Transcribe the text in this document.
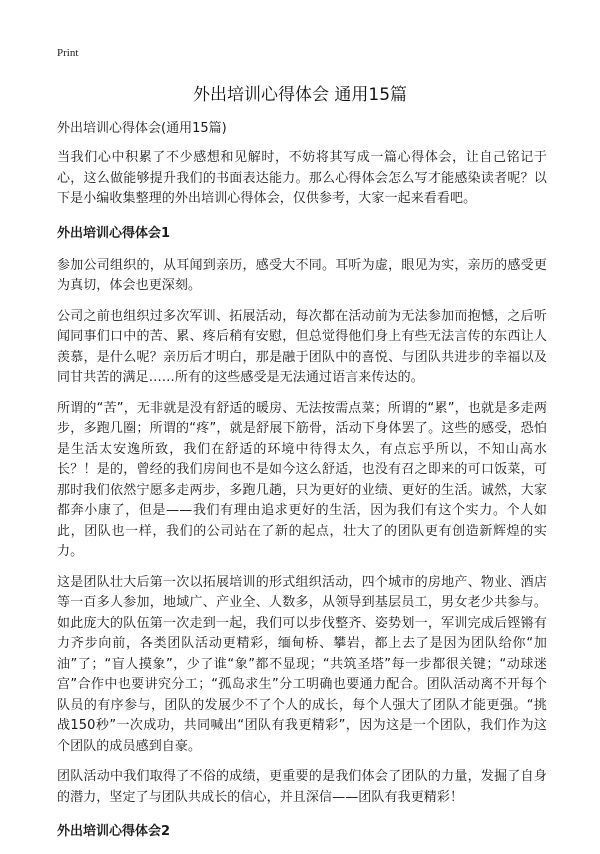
Print
外出培训心得体会 通用15篇
外出培训心得体会(通用15篇)

当我们心中积累了不少感想和见解时，不妨将其写成一篇心得体会，让自己铭记于心，这么做能够提升我们的书面表达能力。那么心得体会怎么写才能感染读者呢？以下是小编收集整理的外出培训心得体会，仅供参考，大家一起来看看吧。

外出培训心得体会1

参加公司组织的，从耳闻到亲历，感受大不同。耳听为虚，眼见为实，亲历的感受更为真切，体会也更深刻。

公司之前也组织过多次军训、拓展活动，每次都在活动前为无法参加而抱憾，之后听闻同事们口中的苦、累、疼后稍有安慰，但总觉得他们身上有些无法言传的东西让人羡慕，是什么呢？亲历后才明白，那是融于团队中的喜悦、与团队共进步的幸福以及同甘共苦的满足……所有的这些感受是无法通过语言来传达的。

所谓的“苦”，无非就是没有舒适的暖房、无法按需点菜；所谓的“累”，也就是多走两步，多跑几圈；所谓的“疼”，就是舒展下筋骨，活动下身体罢了。这些的感受，恐怕是生活太安逸所致，我们在舒适的环境中待得太久，有点忘乎所以，不知山高水长？！是的，曾经的我们房间也不是如今这么舒适，也没有召之即来的可口饭菜，可那时我们依然宁愿多走两步，多跑几趟，只为更好的业绩、更好的生活。诚然，大家都奔小康了，但是——我们有理由追求更好的生活，因为我们有这个实力。个人如此，团队也一样，我们的公司站在了新的起点，壮大了的团队更有创造新辉煌的实力。

这是团队壮大后第一次以拓展培训的形式组织活动，四个城市的房地产、物业、酒店等一百多人参加，地域广、产业全、人数多，从领导到基层员工，男女老少共参与。如此庞大的队伍第一次走到一起，我们可以步伐整齐、姿势划一，军训完成后铿锵有力齐步向前，各类团队活动更精彩，缅甸桥、攀岩，都上去了是因为团队给你“加油”了；“盲人摸象”，少了谁“象”都不显现；“共筑圣塔”每一步都很关键；“动球迷宫”合作中也要讲究分工；“孤岛求生”分工明确也要通力配合。团队活动离不开每个队员的有序参与，团队的发展少不了个人的成长，每个人强大了团队才能更强。“挑战150秒”一次成功，共同喊出“团队有我更精彩”，因为这是一个团队，我们作为这个团队的成员感到自豪。

团队活动中我们取得了不俗的成绩，更重要的是我们体会了团队的力量，发掘了自身的潜力，坚定了与团队共成长的信心，并且深信——团队有我更精彩！

外出培训心得体会2
